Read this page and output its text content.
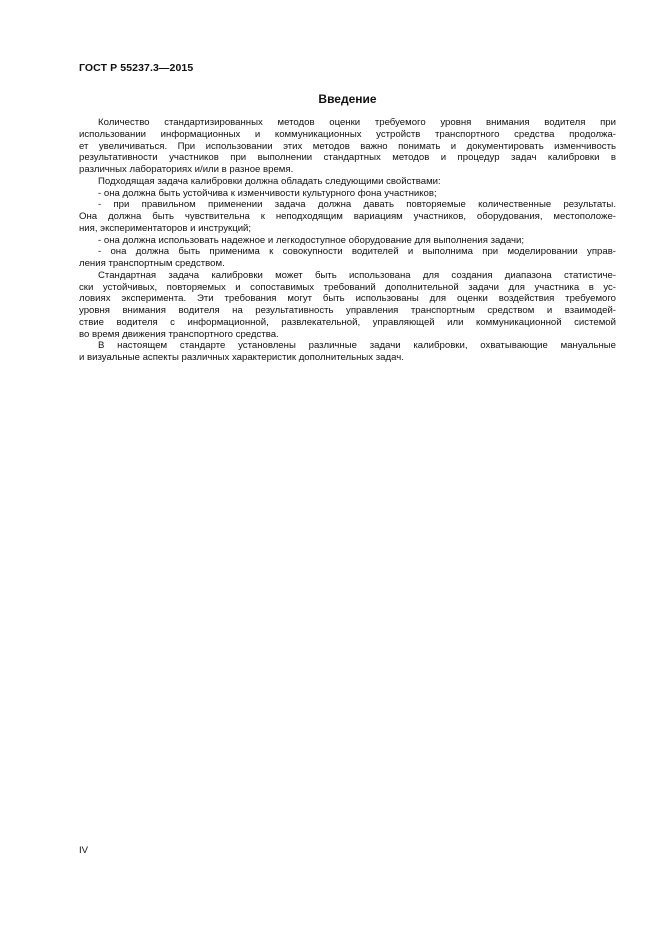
ГОСТ Р 55237.3—2015
Введение
Количество стандартизированных методов оценки требуемого уровня внимания водителя при
использовании информационных и коммуникационных устройств транспортного средства продолжа-
ет увеличиваться. При использовании этих методов важно понимать и документировать изменчивость
результативности участников при выполнении стандартных методов и процедур задач калибровки в
различных лабораториях и/или в разное время.
Подходящая задача калибровки должна обладать следующими свойствами:
- она должна быть устойчива к изменчивости культурного фона участников;
- при правильном применении задача должна давать повторяемые количественные результаты.
Она должна быть чувствительна к неподходящим вариациям участников, оборудования, местоположе-
ния, экспериментаторов и инструкций;
- она должна использовать надежное и легкодоступное оборудование для выполнения задачи;
- она должна быть применима к совокупности водителей и выполнима при моделировании управ-
ления транспортным средством.
Стандартная задача калибровки может быть использована для создания диапазона статистиче-
ски устойчивых, повторяемых и сопоставимых требований дополнительной задачи для участника в ус-
ловиях эксперимента. Эти требования могут быть использованы для оценки воздействия требуемого
уровня внимания водителя на результативность управления транспортным средством и взаимодей-
ствие водителя с информационной, развлекательной, управляющей или коммуникационной системой
во время движения транспортного средства.
В настоящем стандарте установлены различные задачи калибровки, охватывающие мануальные
и визуальные аспекты различных характеристик дополнительных задач.
IV
